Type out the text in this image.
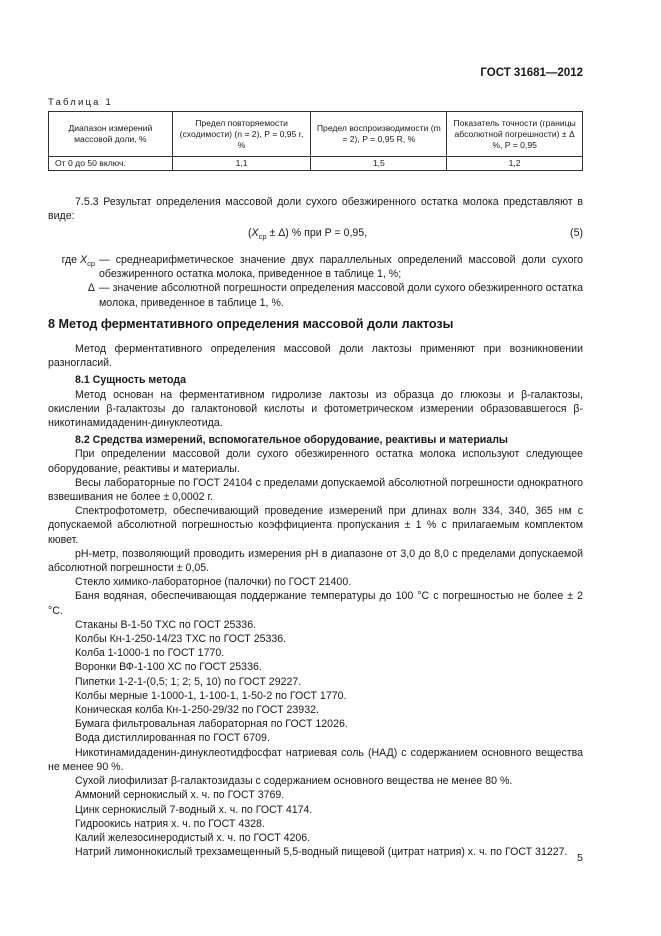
ГОСТ 31681—2012
Таблица 1
Диапазон измерений массовой доли, %	Предел повторяемости (сходимости) (n = 2), P = 0,95 r, %	Предел воспроизводимости (m = 2), P = 0,95 R, %	Показатель точности (границы абсолютной погрешности) ± Δ %, P = 0,95
От 0 до 50 включ.	1,1	1,5	1,2

7.5.3 Результат определения массовой доли сухого обезжиренного остатка молока представляют в виде:

$(X_{ср} \pm \Delta)$ % при P = 0,95,	(5)
где $X_{ср}$ — среднеарифметическое значение двух параллельных определений массовой доли сухого обезжиренного остатка молока, приведенное в таблице 1, %;
Δ — значение абсолютной погрешности определения массовой доли сухого обезжиренного остатка молока, приведенное в таблице 1, %.
8 Метод ферментативного определения массовой доли лактозы

Метод ферментативного определения массовой доли лактозы применяют при возникновении разногласий.

8.1 Сущность метода

Метод основан на ферментативном гидролизе лактозы из образца до глюкозы и β-галактозы, окислении β-галактозы до галактоновой кислоты и фотометрическом измерении образовавшегося β-никотинамидаденин-динуклеотида.

8.2 Средства измерений, вспомогательное оборудование, реактивы и материалы

При определении массовой доли сухого обезжиренного остатка молока используют следующее оборудование, реактивы и материалы.

Весы лабораторные по ГОСТ 24104 с пределами допускаемой абсолютной погрешности однократного взвешивания не более ± 0,0002 г.

Спектрофотометр, обеспечивающий проведение измерений при длинах волн 334, 340, 365 нм с допускаемой абсолютной погрешностью коэффициента пропускания ± 1 % с прилагаемым комплектом кювет.

pH-метр, позволяющий проводить измерения pH в диапазоне от 3,0 до 8,0 с пределами допускаемой абсолютной погрешности ± 0,05.

Стекло химико-лабораторное (палочки) по ГОСТ 21400.

Баня водяная, обеспечивающая поддержание температуры до 100 °С с погрешностью не более ± 2 °С.

Стаканы В-1-50 ТХС по ГОСТ 25336.

Колбы Кн-1-250-14/23 ТХС по ГОСТ 25336.

Колба 1-1000-1 по ГОСТ 1770.

Воронки ВФ-1-100 ХС по ГОСТ 25336.

Пипетки 1-2-1-(0,5; 1; 2; 5, 10) по ГОСТ 29227.

Колбы мерные 1-1000-1, 1-100-1, 1-50-2 по ГОСТ 1770.

Коническая колба Кн-1-250-29/32 по ГОСТ 23932.

Бумага фильтровальная лабораторная по ГОСТ 12026.

Вода дистиллированная по ГОСТ 6709.

Никотинамидаденин-динуклеотидфосфат натриевая соль (НАД) с содержанием основного вещества не менее 90 %.

Сухой лиофилизат β-галактозидазы с содержанием основного вещества не менее 80 %.

Аммоний сернокислый х. ч. по ГОСТ 3769.

Цинк сернокислый 7-водный х. ч. по ГОСТ 4174.

Гидроокись натрия х. ч. по ГОСТ 4328.

Калий железосинеродистый х. ч. по ГОСТ 4206.

Натрий лимоннокислый трехзамещенный 5,5-водный пищевой (цитрат натрия) х. ч. по ГОСТ 31227. 5
